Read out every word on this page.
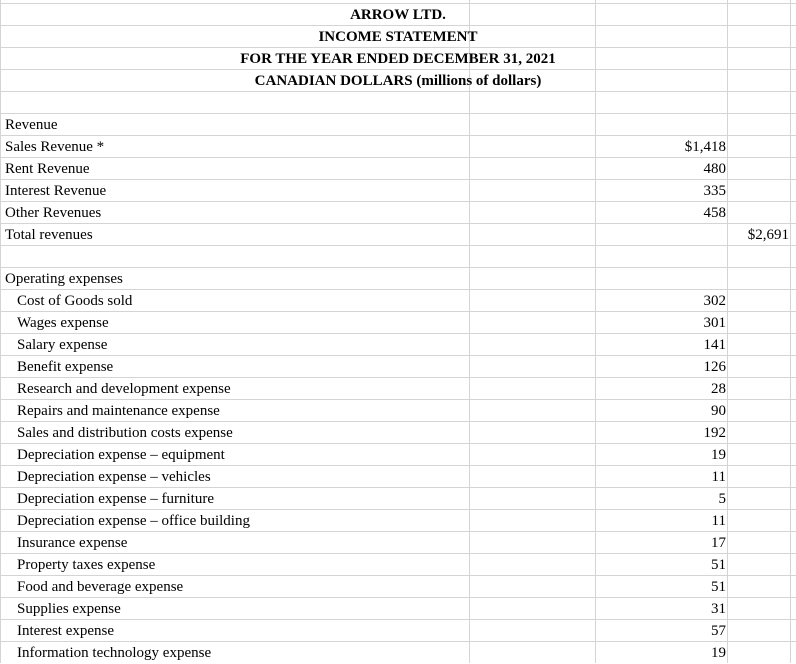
ARROW LTD.
INCOME STATEMENT
FOR THE YEAR ENDED DECEMBER 31, 2021
CANADIAN DOLLARS (millions of dollars)
Revenue
Sales Revenue *	$1,418
Rent Revenue	480
Interest Revenue	335
Other Revenues	458
Total revenues	$2,691
Operating expenses
Cost of Goods sold	302
Wages expense	301
Salary expense	141
Benefit expense	126
Research and development expense	28
Repairs and maintenance expense	90
Sales and distribution costs expense	192
Depreciation expense – equipment	19
Depreciation expense – vehicles	11
Depreciation expense – furniture	5
Depreciation expense – office building	11
Insurance expense	17
Property taxes expense	51
Food and beverage expense	51
Supplies expense	31
Interest expense	57
Information technology expense	19
